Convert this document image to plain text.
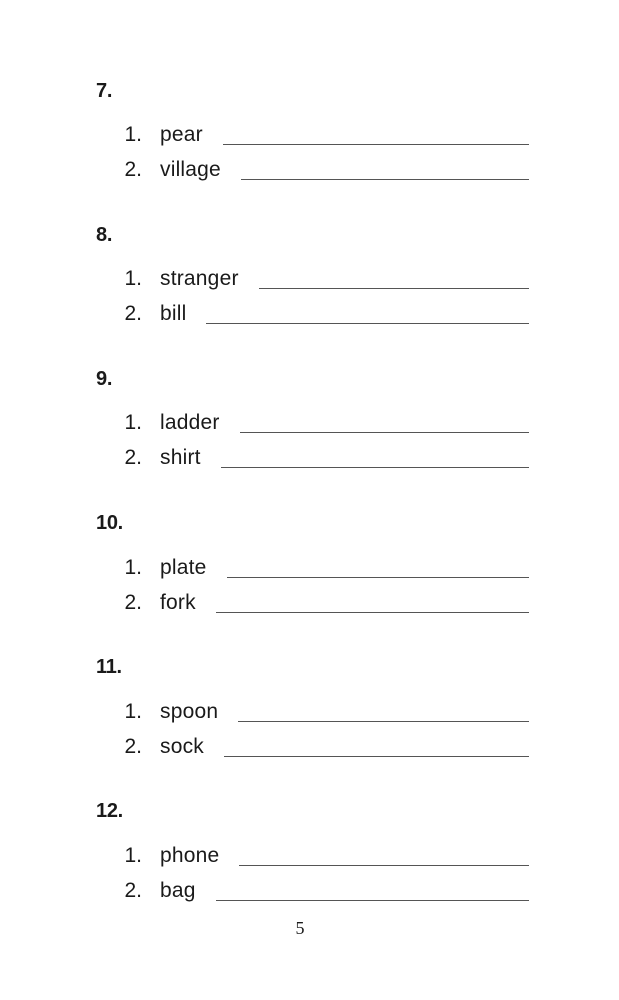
7.
1. pear
2. village
8.
1. stranger
2. bill
9.
1. ladder
2. shirt
10.
1. plate
2. fork
11.
1. spoon
2. sock
12.
1. phone
2. bag
5
